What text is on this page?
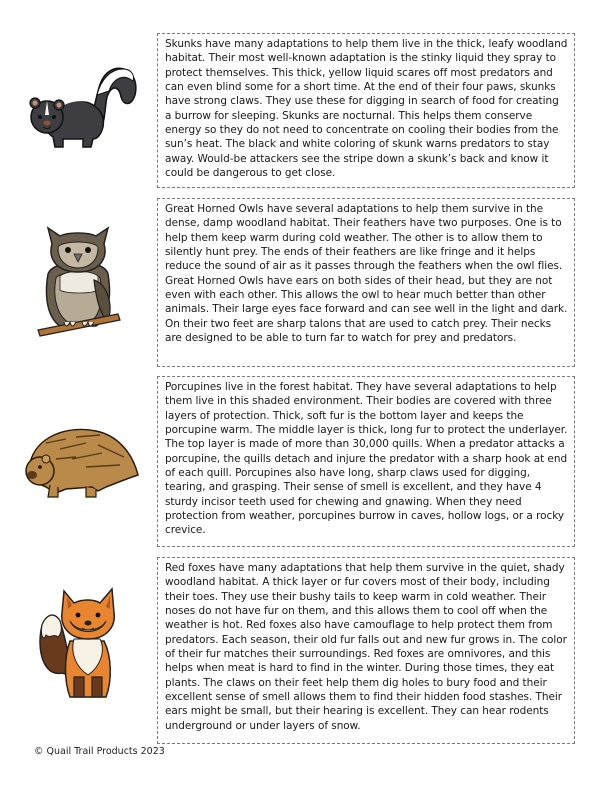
Skunks have many adaptations to help them live in the thick, leafy woodland habitat. Their most well-known adaptation is the stinky liquid they spray to protect themselves. This thick, yellow liquid scares off most predators and can even blind some for a short time. At the end of their four paws, skunks have strong claws. They use these for digging in search of food for creating a burrow for sleeping. Skunks are nocturnal. This helps them conserve energy so they do not need to concentrate on cooling their bodies from the sun’s heat. The black and white coloring of skunk warns predators to stay away. Would-be attackers see the stripe down a skunk’s back and know it could be dangerous to get close.

Great Horned Owls have several adaptations to help them survive in the dense, damp woodland habitat. Their feathers have two purposes. One is to help them keep warm during cold weather. The other is to allow them to silently hunt prey. The ends of their feathers are like fringe and it helps reduce the sound of air as it passes through the feathers when the owl flies. Great Horned Owls have ears on both sides of their head, but they are not even with each other. This allows the owl to hear much better than other animals. Their large eyes face forward and can see well in the light and dark. On their two feet are sharp talons that are used to catch prey. Their necks are designed to be able to turn far to watch for prey and predators.

Porcupines live in the forest habitat. They have several adaptations to help them live in this shaded environment. Their bodies are covered with three layers of protection. Thick, soft fur is the bottom layer and keeps the porcupine warm. The middle layer is thick, long fur to protect the underlayer. The top layer is made of more than 30,000 quills. When a predator attacks a porcupine, the quills detach and injure the predator with a sharp hook at end of each quill. Porcupines also have long, sharp claws used for digging, tearing, and grasping. Their sense of smell is excellent, and they have 4 sturdy incisor teeth used for chewing and gnawing. When they need protection from weather, porcupines burrow in caves, hollow logs, or a rocky crevice.

Red foxes have many adaptations that help them survive in the quiet, shady woodland habitat. A thick layer or fur covers most of their body, including their toes. They use their bushy tails to keep warm in cold weather. Their noses do not have fur on them, and this allows them to cool off when the weather is hot. Red foxes also have camouflage to help protect them from predators. Each season, their old fur falls out and new fur grows in. The color of their fur matches their surroundings. Red foxes are omnivores, and this helps when meat is hard to find in the winter. During those times, they eat plants. The claws on their feet help them dig holes to bury food and their excellent sense of smell allows them to find their hidden food stashes. Their ears might be small, but their hearing is excellent. They can hear rodents underground or under layers of snow.

© Quail Trail Products 2023
